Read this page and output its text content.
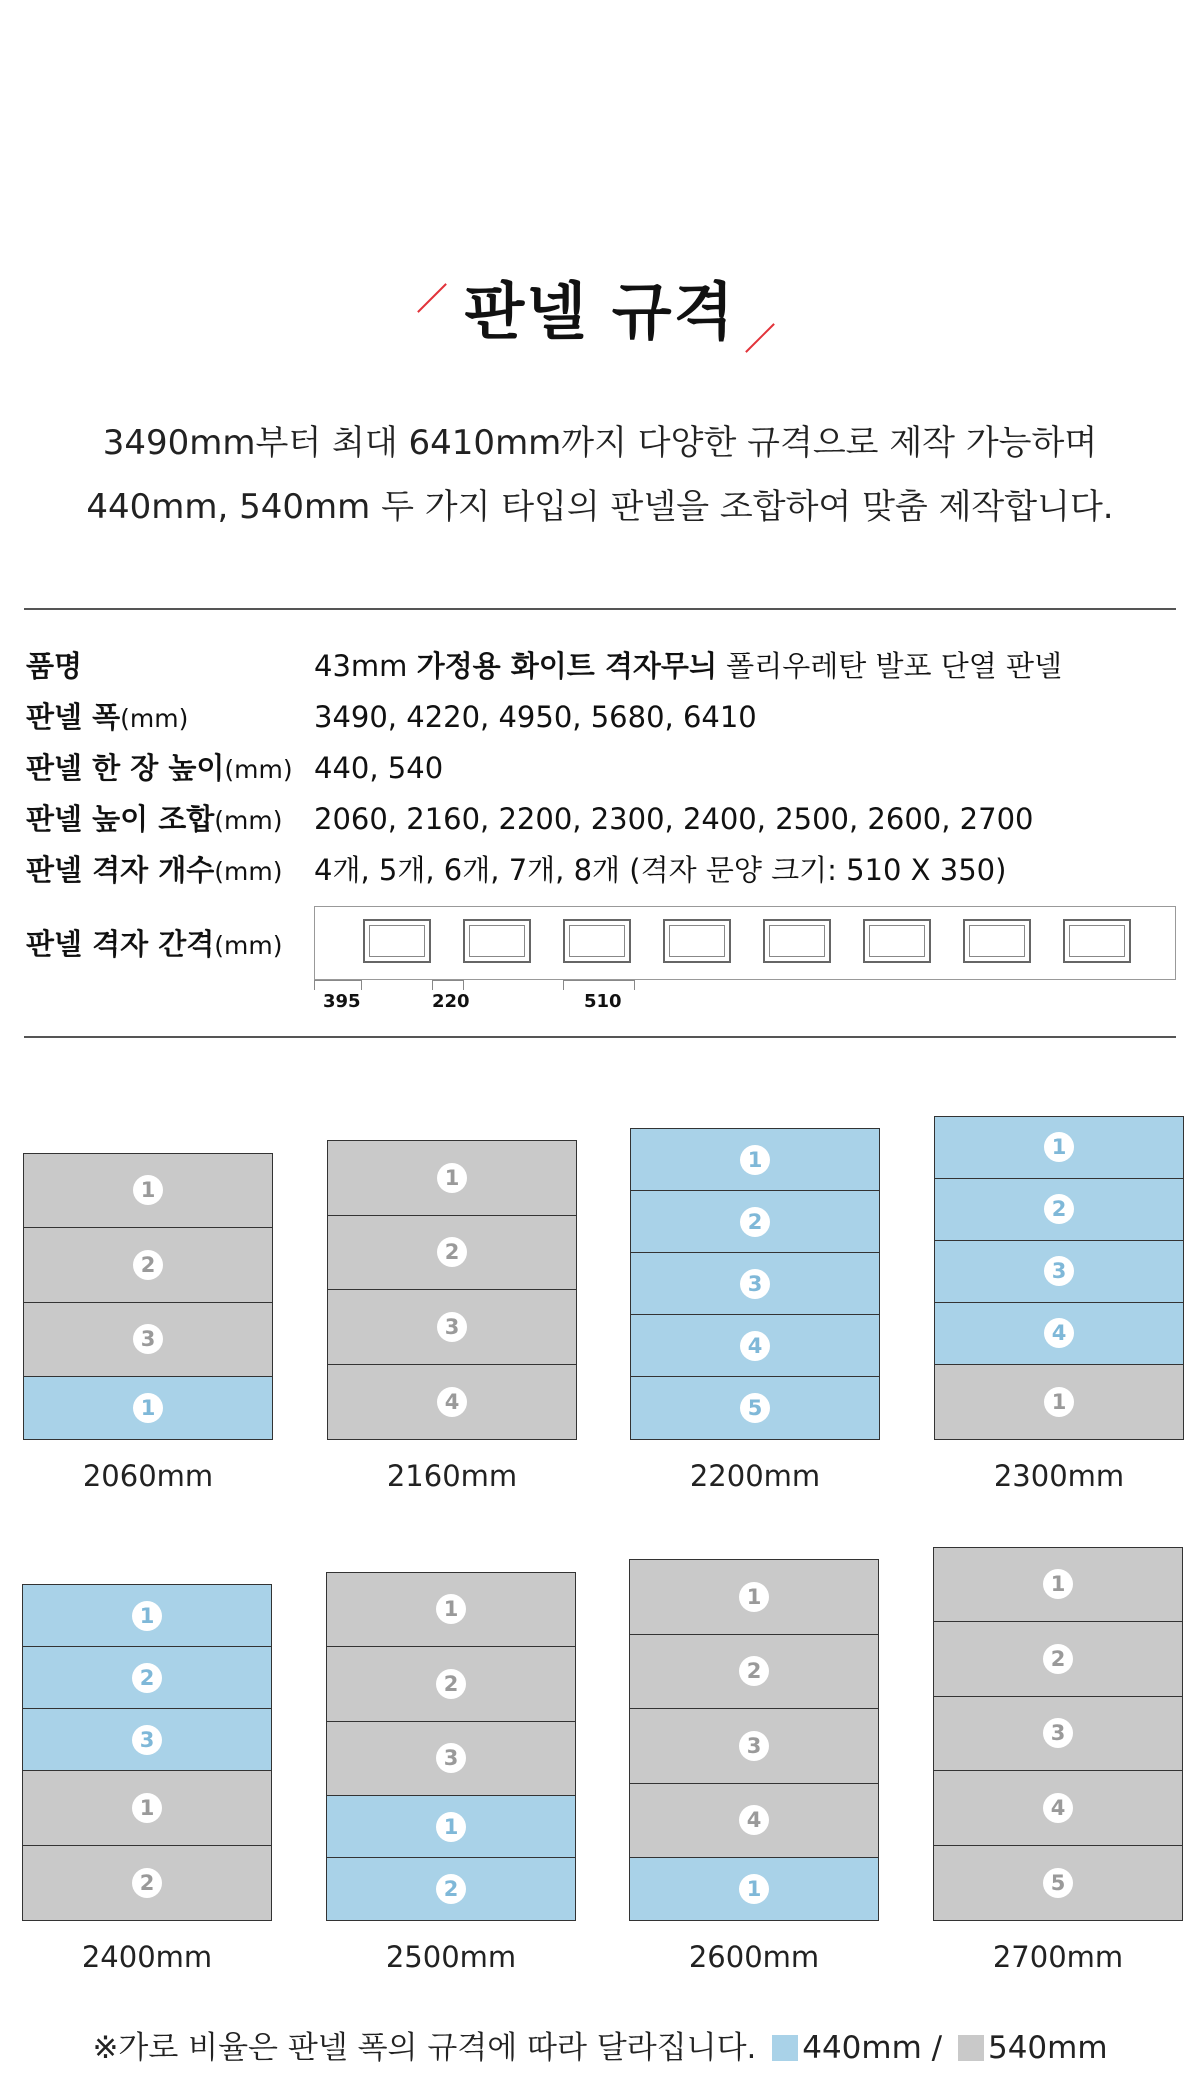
판넬 규격
3490mm부터 최대 6410mm까지 다양한 규격으로 제작 가능하며
440mm, 540mm 두 가지 타입의 판넬을 조합하여 맞춤 제작합니다.
품명	43mm 가정용 화이트 격자무늬 폴리우레탄 발포 단열 판넬
판넬 폭(mm)	3490, 4220, 4950, 5680, 6410
판넬 한 장 높이(mm) 440, 540
판넬 높이 조합(mm) 2060, 2160, 2200, 2300, 2400, 2500, 2600, 2700
판넬 격자 개수(mm) 4개, 5개, 6개, 7개, 8개 (격자 문양 크기: 510 X 350)
판넬 격자 간격(mm)
395	220	510
1
2
3
1
1
2
3
4
1
2
3
4
5
1
2
3
4
1
1
2
3
1
2
1
2
3
1
2
1
2
3
4
1
1
2
3
4
5
2060mm	2160mm	2200mm	2300mm
2400mm	2500mm	2600mm	2700mm
※가로 비율은 판넬 폭의 규격에 따라 달라집니다. 440mm / 540mm
